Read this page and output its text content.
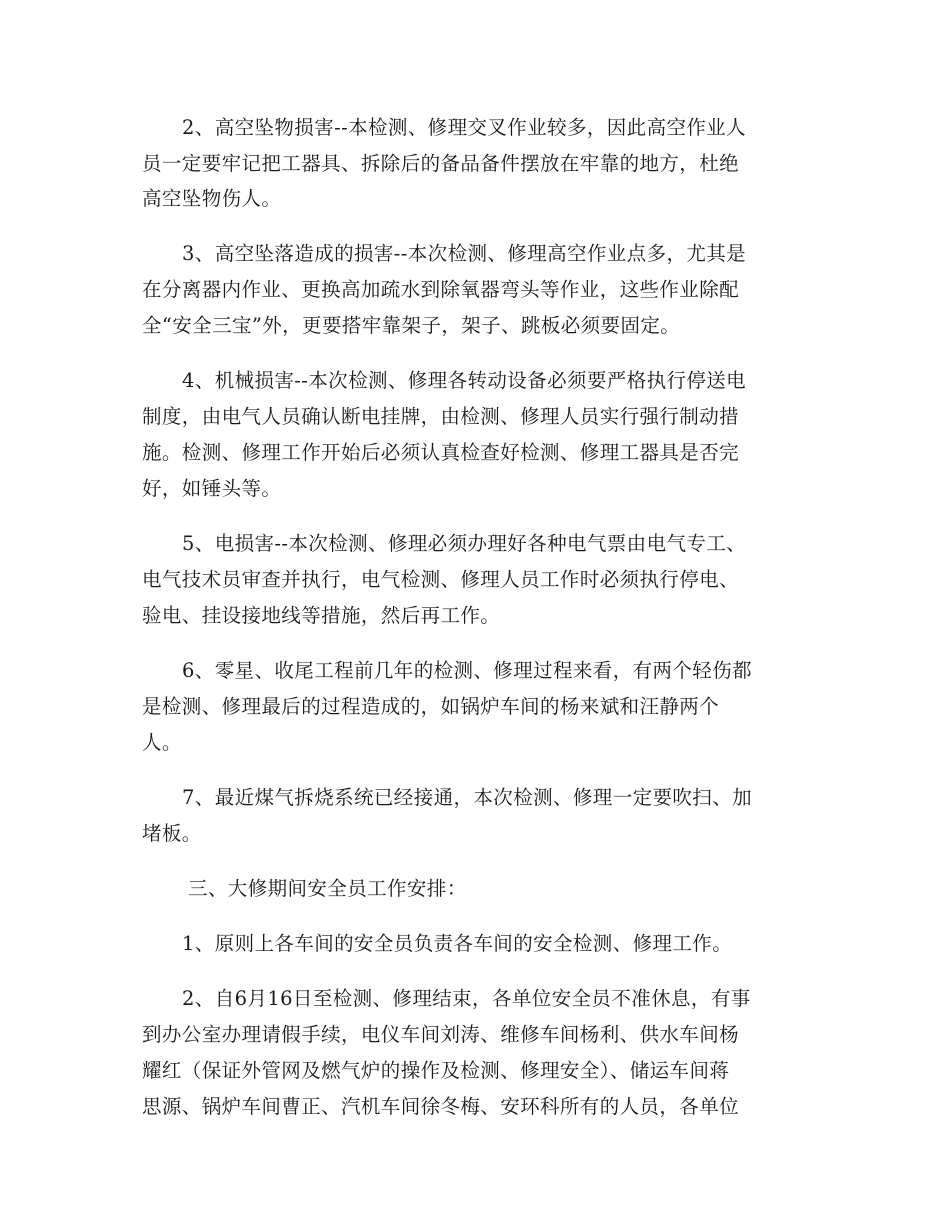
2、高空坠物损害--本检测、修理交叉作业较多，因此高空作业人
员一定要牢记把工器具、拆除后的备品备件摆放在牢靠的地方，杜绝
高空坠物伤人。
3、高空坠落造成的损害--本次检测、修理高空作业点多，尤其是
在分离器内作业、更换高加疏水到除氧器弯头等作业，这些作业除配
全“安全三宝”外，更要搭牢靠架子，架子、跳板必须要固定。
4、机械损害--本次检测、修理各转动设备必须要严格执行停送电
制度，由电气人员确认断电挂牌，由检测、修理人员实行强行制动措
施。检测、修理工作开始后必须认真检查好检测、修理工器具是否完
好，如锤头等。
5、电损害--本次检测、修理必须办理好各种电气票由电气专工、
电气技术员审查并执行，电气检测、修理人员工作时必须执行停电、
验电、挂设接地线等措施，然后再工作。
6、零星、收尾工程前几年的检测、修理过程来看，有两个轻伤都
是检测、修理最后的过程造成的，如锅炉车间的杨来斌和汪静两个
人。
7、最近煤气拆烧系统已经接通，本次检测、修理一定要吹扫、加
堵板。
三、大修期间安全员工作安排：
1、原则上各车间的安全员负责各车间的安全检测、修理工作。
2、自6月16日至检测、修理结束，各单位安全员不准休息，有事
到办公室办理请假手续，电仪车间刘涛、维修车间杨利、供水车间杨
耀红（保证外管网及燃气炉的操作及检测、修理安全）、储运车间蒋
思源、锅炉车间曹正、汽机车间徐冬梅、安环科所有的人员，各单位
